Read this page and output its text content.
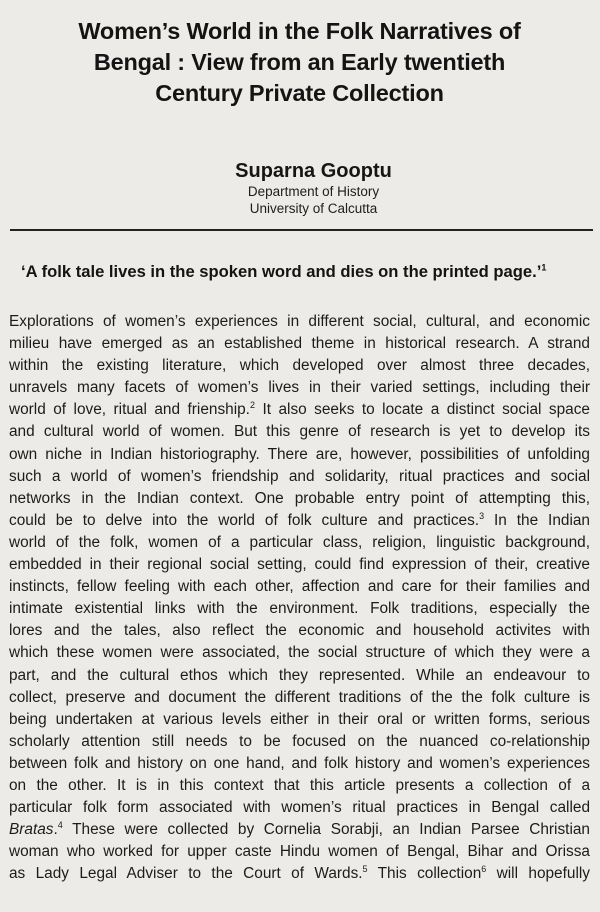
Women’s World in the Folk Narratives of
Bengal : View from an Early twentieth
Century Private Collection
Suparna Gooptu
Department of History
University of Calcutta
‘A folk tale lives in the spoken word and dies on the printed page.’$^1$
Explorations of women’s experiences in different social, cultural, and economic
milieu have emerged as an established theme in historical research. A strand
within the existing literature, which developed over almost three decades,
unravels many facets of women’s lives in their varied settings, including their
world of love, ritual and frienship.$^2$ It also seeks to locate a distinct social space
and cultural world of women. But this genre of research is yet to develop its
own niche in Indian historiography. There are, however, possibilities of unfolding
such a world of women’s friendship and solidarity, ritual practices and social
networks in the Indian context. One probable entry point of attempting this,
could be to delve into the world of folk culture and practices.$^3$ In the Indian
world of the folk, women of a particular class, religion, linguistic background,
embedded in their regional social setting, could find expression of their, creative
instincts, fellow feeling with each other, affection and care for their families and
intimate existential links with the environment. Folk traditions, especially the
lores and the tales, also reflect the economic and household activites with
which these women were associated, the social structure of which they were a
part, and the cultural ethos which they represented. While an endeavour to
collect, preserve and document the different traditions of the the folk culture is
being undertaken at various levels either in their oral or written forms, serious
scholarly attention still needs to be focused on the nuanced co-relationship
between folk and history on one hand, and folk history and women’s experiences
on the other. It is in this context that this article presents a collection of a
particular folk form associated with women’s ritual practices in Bengal called
Bratas.$^4$ These were collected by Cornelia Sorabji, an Indian Parsee Christian
woman who worked for upper caste Hindu women of Bengal, Bihar and Orissa
as Lady Legal Adviser to the Court of Wards.$^5$ This collection$^6$ will hopefully
